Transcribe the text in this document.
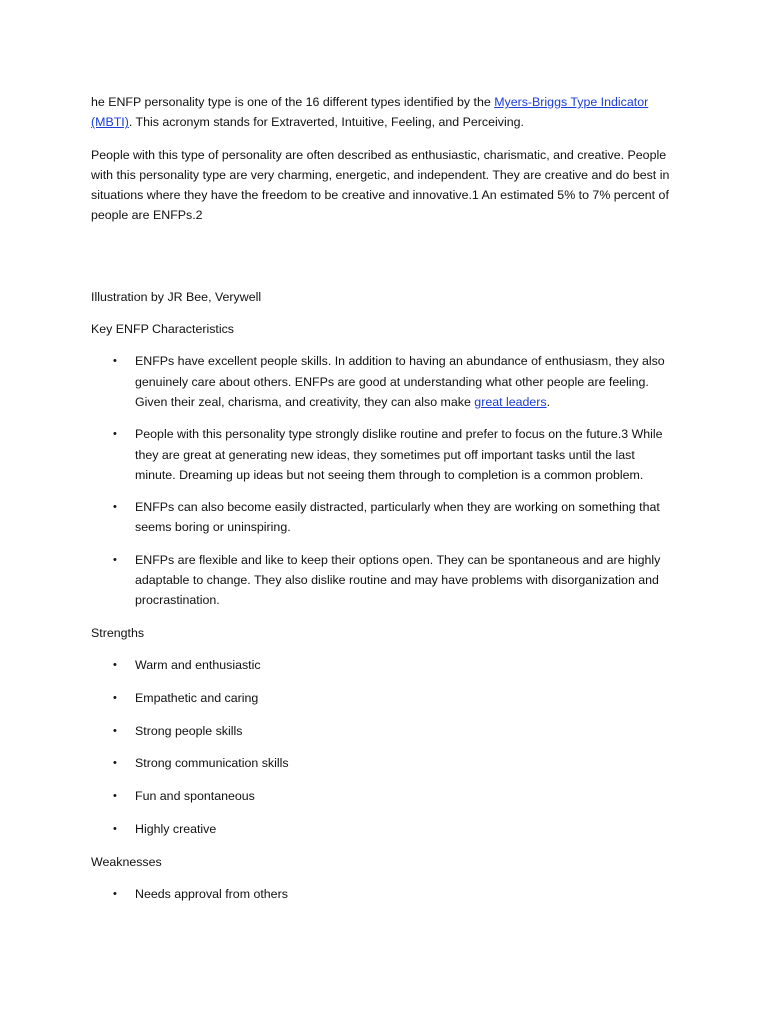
he ENFP personality type is one of the 16 different types identified by the Myers-Briggs Type Indicator (MBTI). This acronym stands for Extraverted, Intuitive, Feeling, and Perceiving.

People with this type of personality are often described as enthusiastic, charismatic, and creative. People with this personality type are very charming, energetic, and independent. They are creative and do best in situations where they have the freedom to be creative and innovative.1 An estimated 5% to 7% percent of people are ENFPs.2

Illustration by JR Bee, Verywell

Key ENFP Characteristics

• ENFPs have excellent people skills. In addition to having an abundance of enthusiasm, they also genuinely care about others. ENFPs are good at understanding what other people are feeling. Given their zeal, charisma, and creativity, they can also make great leaders.
• People with this personality type strongly dislike routine and prefer to focus on the future.3 While they are great at generating new ideas, they sometimes put off important tasks until the last minute. Dreaming up ideas but not seeing them through to completion is a common problem.
• ENFPs can also become easily distracted, particularly when they are working on something that seems boring or uninspiring.
• ENFPs are flexible and like to keep their options open. They can be spontaneous and are highly adaptable to change. They also dislike routine and may have problems with disorganization and procrastination.

Strengths

• Warm and enthusiastic
• Empathetic and caring
• Strong people skills
• Strong communication skills
• Fun and spontaneous
• Highly creative

Weaknesses

• Needs approval from others
